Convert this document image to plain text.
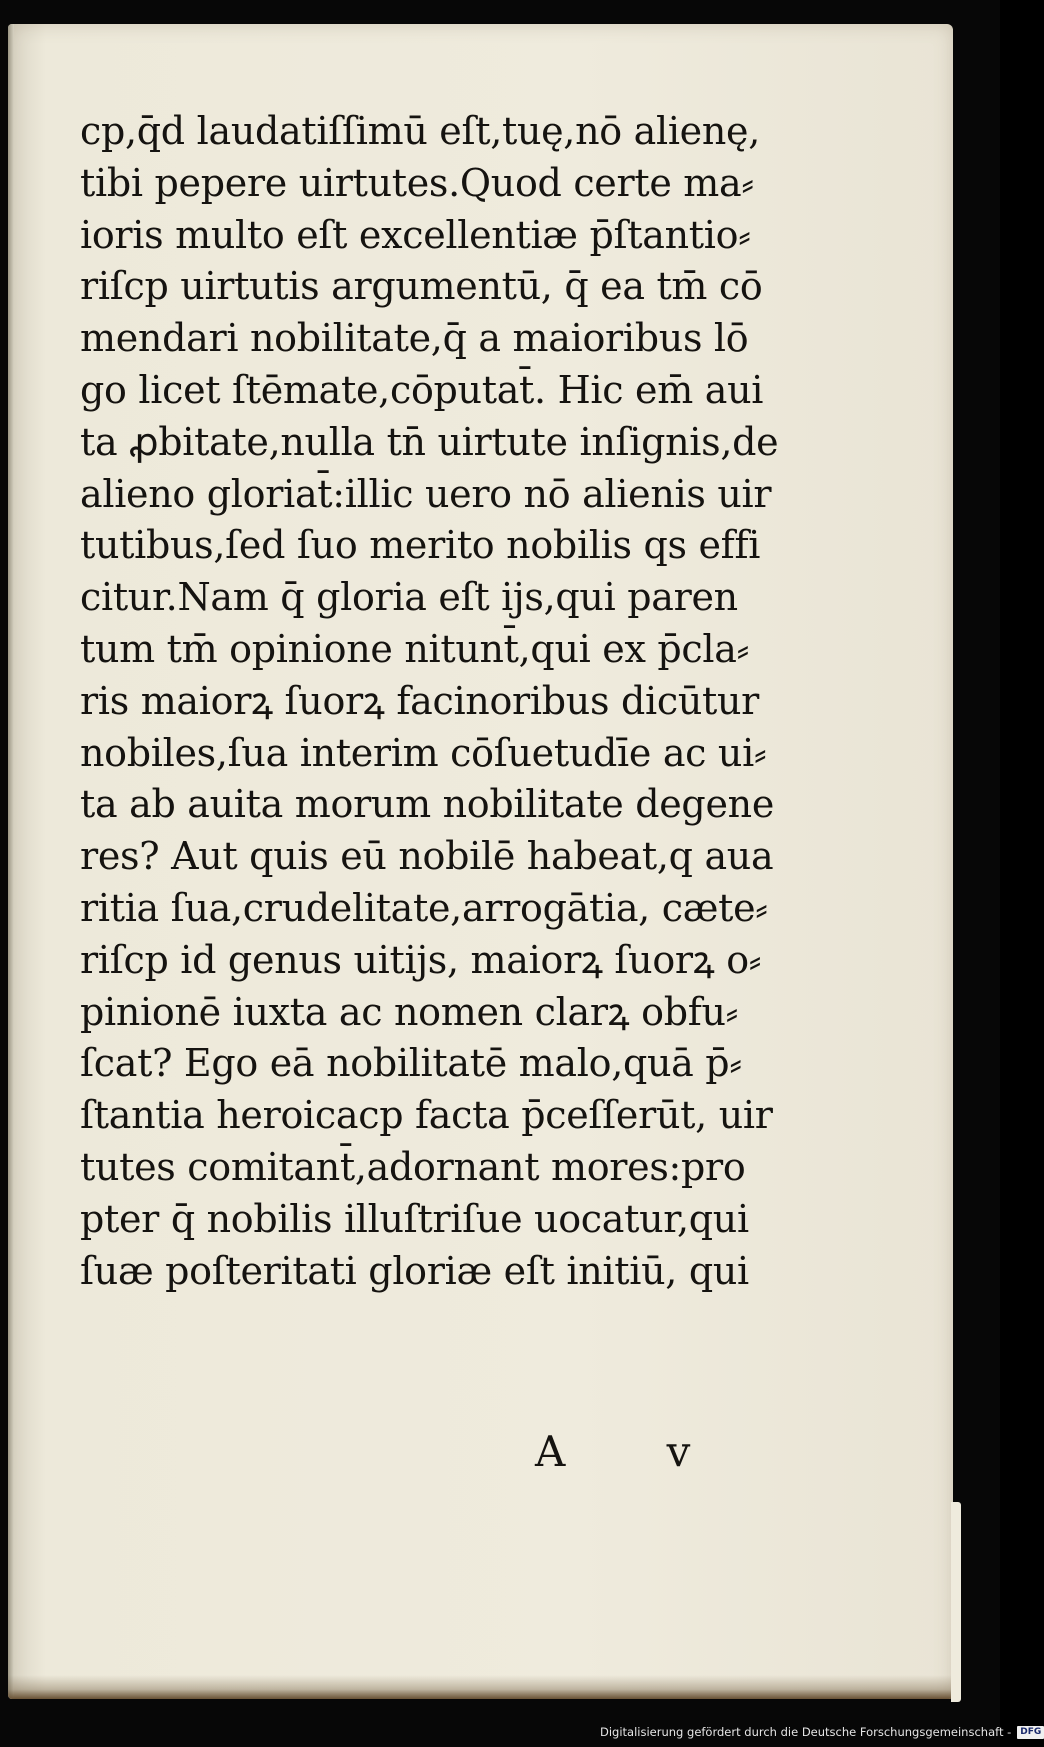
cp,q̄d laudatiſſimū eſt,tuę,nō alienę,
tibi pepere uirtutes.Quod certe ma⸗
ioris multo eſt excellentiæ p̄ſtantio⸗
riſcp uirtutis argumentū, q̄ ea tm̄ cō
mendari nobilitate,q̄ a maioribus lō
go licet ſtēmate,cōputat̄. Hic em̄ aui
ta ꝓbitate,nulla tn̄ uirtute inſignis,de
alieno gloriat̄:illic uero nō alienis uir
tutibus,ſed ſuo merito nobilis qs effi
citur.Nam q̄ gloria eſt ijs,qui paren
tum tm̄ opinione nitunt̄,qui ex p̄cla⸗
ris maiorꝝ ſuorꝝ facinoribus dicūtur
nobiles,ſua interim cōſuetudīe ac ui⸗
ta ab auita morum nobilitate degene
res? Aut quis eū nobilē habeat,q aua
ritia ſua,crudelitate,arrogātia, cæte⸗
riſcp id genus uitijs, maiorꝝ ſuorꝝ o⸗
pinionē iuxta ac nomen clarꝝ obfu⸗
ſcat? Ego eā nobilitatē malo,quā p̄⸗
ſtantia heroicacp facta p̄ceſſerūt, uir
tutes comitant̄,adornant mores:pro
pter q̄ nobilis illuſtriſue uocatur,qui
ſuæ poſteritati gloriæ eſt initiū, qui
A v
Digitalisierung gefördert durch die Deutsche Forschungsgemeinschaft -	DFG
